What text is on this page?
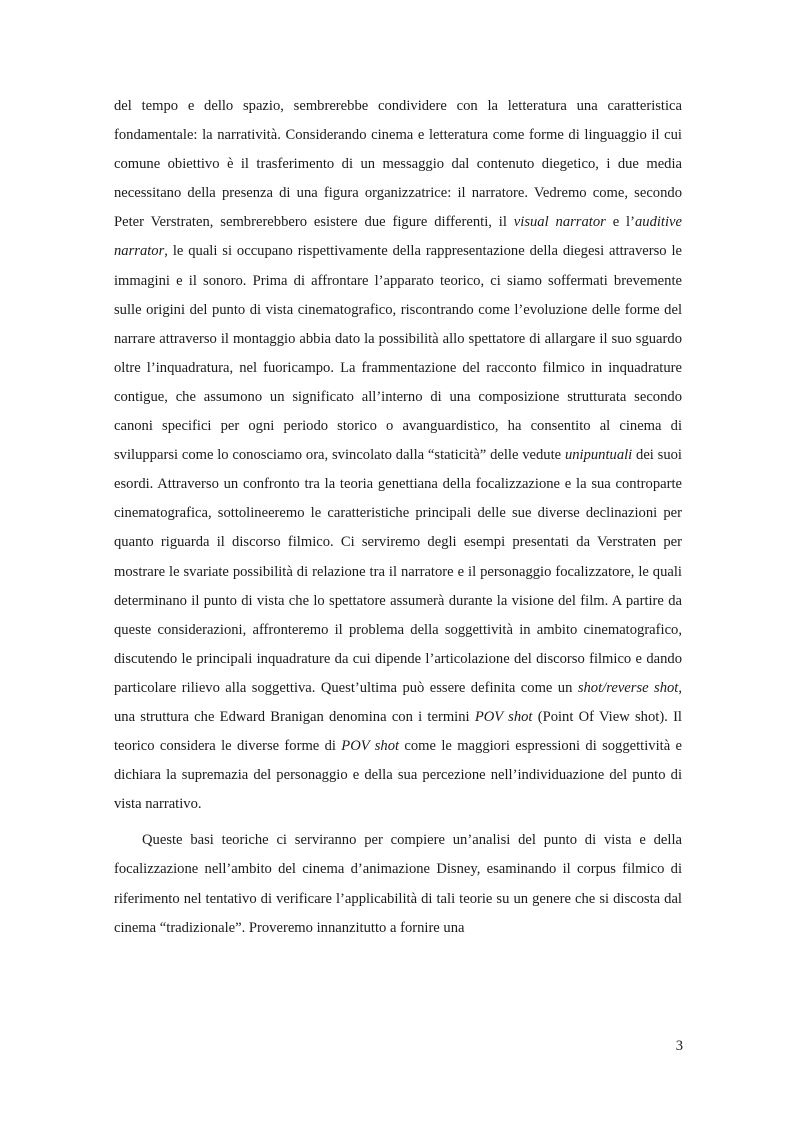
del tempo e dello spazio, sembrerebbe condividere con la letteratura una caratteristica fondamentale: la narratività. Considerando cinema e letteratura come forme di linguaggio il cui comune obiettivo è il trasferimento di un messaggio dal contenuto diegetico, i due media necessitano della presenza di una figura organizzatrice: il narratore. Vedremo come, secondo Peter Verstraten, sembrerebbero esistere due figure differenti, il visual narrator e l’auditive narrator, le quali si occupano rispettivamente della rappresentazione della diegesi attraverso le immagini e il sonoro. Prima di affrontare l’apparato teorico, ci siamo soffermati brevemente sulle origini del punto di vista cinematografico, riscontrando come l’evoluzione delle forme del narrare attraverso il montaggio abbia dato la possibilità allo spettatore di allargare il suo sguardo oltre l’inquadratura, nel fuoricampo. La frammentazione del racconto filmico in inquadrature contigue, che assumono un significato all’interno di una composizione strutturata secondo canoni specifici per ogni periodo storico o avanguardistico, ha consentito al cinema di svilupparsi come lo conosciamo ora, svincolato dalla “staticità” delle vedute unipuntuali dei suoi esordi. Attraverso un confronto tra la teoria genettiana della focalizzazione e la sua controparte cinematografica, sottolineeremo le caratteristiche principali delle sue diverse declinazioni per quanto riguarda il discorso filmico. Ci serviremo degli esempi presentati da Verstraten per mostrare le svariate possibilità di relazione tra il narratore e il personaggio focalizzatore, le quali determinano il punto di vista che lo spettatore assumerà durante la visione del film. A partire da queste considerazioni, affronteremo il problema della soggettività in ambito cinematografico, discutendo le principali inquadrature da cui dipende l’articolazione del discorso filmico e dando particolare rilievo alla soggettiva. Quest’ultima può essere definita come un shot/reverse shot, una struttura che Edward Branigan denomina con i termini POV shot (Point Of View shot). Il teorico considera le diverse forme di POV shot come le maggiori espressioni di soggettività e dichiara la supremazia del personaggio e della sua percezione nell’individuazione del punto di vista narrativo.

Queste basi teoriche ci serviranno per compiere un’analisi del punto di vista e della focalizzazione nell’ambito del cinema d’animazione Disney, esaminando il corpus filmico di riferimento nel tentativo di verificare l’applicabilità di tali teorie su un genere che si discosta dal cinema “tradizionale”. Proveremo innanzitutto a fornire una

3
